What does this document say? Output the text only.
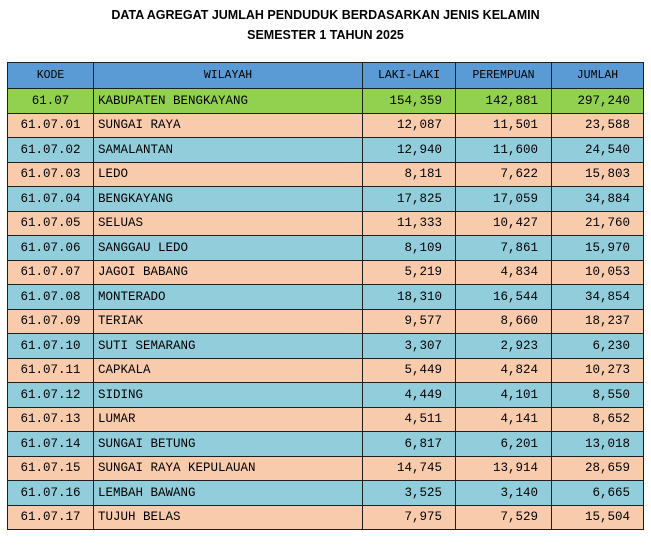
DATA AGREGAT JUMLAH PENDUDUK BERDASARKAN JENIS KELAMIN
SEMESTER 1 TAHUN 2025
KODE	WILAYAH	LAKI-LAKI	PEREMPUAN	JUMLAH
61.07	KABUPATEN BENGKAYANG	154,359	142,881	297,240
61.07.01	SUNGAI RAYA	12,087	11,501	23,588
61.07.02	SAMALANTAN	12,940	11,600	24,540
61.07.03	LEDO	8,181	7,622	15,803
61.07.04	BENGKAYANG	17,825	17,059	34,884
61.07.05	SELUAS	11,333	10,427	21,760
61.07.06	SANGGAU LEDO	8,109	7,861	15,970
61.07.07	JAGOI BABANG	5,219	4,834	10,053
61.07.08	MONTERADO	18,310	16,544	34,854
61.07.09	TERIAK	9,577	8,660	18,237
61.07.10	SUTI SEMARANG	3,307	2,923	6,230
61.07.11	CAPKALA	5,449	4,824	10,273
61.07.12	SIDING	4,449	4,101	8,550
61.07.13	LUMAR	4,511	4,141	8,652
61.07.14	SUNGAI BETUNG	6,817	6,201	13,018
61.07.15	SUNGAI RAYA KEPULAUAN	14,745	13,914	28,659
61.07.16	LEMBAH BAWANG	3,525	3,140	6,665
61.07.17	TUJUH BELAS	7,975	7,529	15,504
